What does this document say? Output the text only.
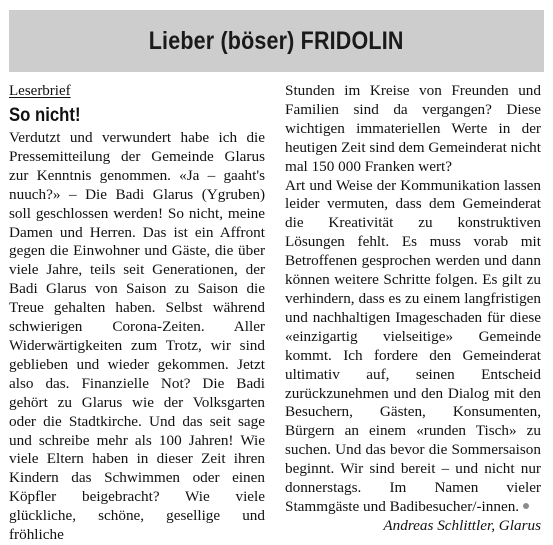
Lieber (böser) FRIDOLIN
Leserbrief
So nicht!

Verdutzt und verwundert habe ich die Pressemitteilung der Gemeinde Glarus zur Kenntnis genommen. «Ja – gaaht's nuuch?» – Die Badi Glarus (Ygruben) soll geschlossen werden! So nicht, meine Damen und Herren. Das ist ein Affront gegen die Einwohner und Gäste, die über viele Jahre, teils seit Generationen, der Badi Glarus von Saison zu Saison die Treue gehalten haben. Selbst während schwierigen Corona-Zeiten. Aller Widerwärtigkeiten zum Trotz, wir sind geblieben und wieder gekommen. Jetzt also das. Finanzielle Not? Die Badi gehört zu Glarus wie der Volksgarten oder die Stadtkirche. Und das seit sage und schreibe mehr als 100 Jahren! Wie viele Eltern haben in dieser Zeit ihren Kindern das Schwimmen oder einen Köpfler beigebracht? Wie viele glückliche, schöne, gesellige und fröhliche

Stunden im Kreise von Freunden und Familien sind da vergangen? Diese wichtigen immateriellen Werte in der heutigen Zeit sind dem Gemeinderat nicht mal 150 000 Franken wert?

Art und Weise der Kommunikation lassen leider vermuten, dass dem Gemeinderat die Kreativität zu konstruktiven Lösungen fehlt. Es muss vorab mit Betroffenen gesprochen werden und dann können weitere Schritte folgen. Es gilt zu verhindern, dass es zu einem langfristigen und nachhaltigen Imageschaden für diese «einzigartig vielseitige» Gemeinde kommt. Ich fordere den Gemeinderat ultimativ auf, seinen Entscheid zurückzunehmen und den Dialog mit den Besuchern, Gästen, Konsumenten, Bürgern an einem «runden Tisch» zu suchen. Und das bevor die Sommersaison beginnt. Wir sind bereit – und nicht nur donnerstags. Im Namen vieler Stammgäste und Badibesucher/-innen.
Andreas Schlittler, Glarus
